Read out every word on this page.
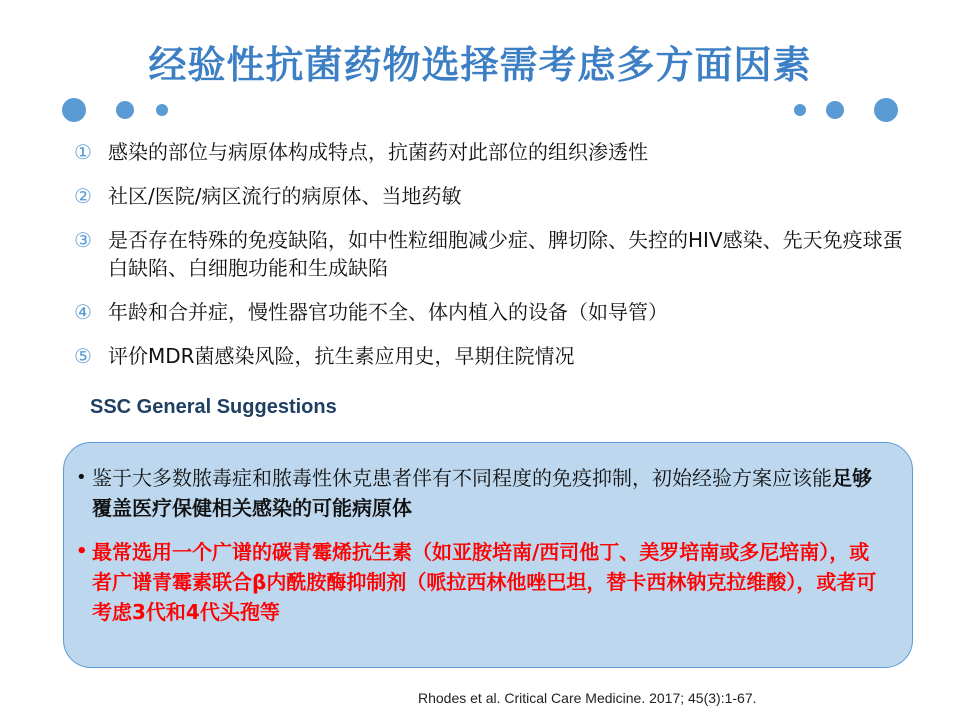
经验性抗菌药物选择需考虑多方面因素
① 感染的部位与病原体构成特点，抗菌药对此部位的组织渗透性
② 社区/医院/病区流行的病原体、当地药敏
③ 是否存在特殊的免疫缺陷，如中性粒细胞减少症、脾切除、失控的HIV感染、先天免疫球蛋白缺陷、白细胞功能和生成缺陷
④ 年龄和合并症，慢性器官功能不全、体内植入的设备（如导管）
⑤ 评价MDR菌感染风险，抗生素应用史，早期住院情况
SSC General Suggestions
• 鉴于大多数脓毒症和脓毒性休克患者伴有不同程度的免疫抑制，初始经验方案应该能足够覆盖医疗保健相关感染的可能病原体
• 最常选用一个广谱的碳青霉烯抗生素（如亚胺培南/西司他丁、美罗培南或多尼培南），或者广谱青霉素联合β内酰胺酶抑制剂（哌拉西林他唑巴坦，替卡西林钠克拉维酸），或者可考虑3代和4代头孢等
Rhodes et al. Critical Care Medicine. 2017; 45(3):1-67.
